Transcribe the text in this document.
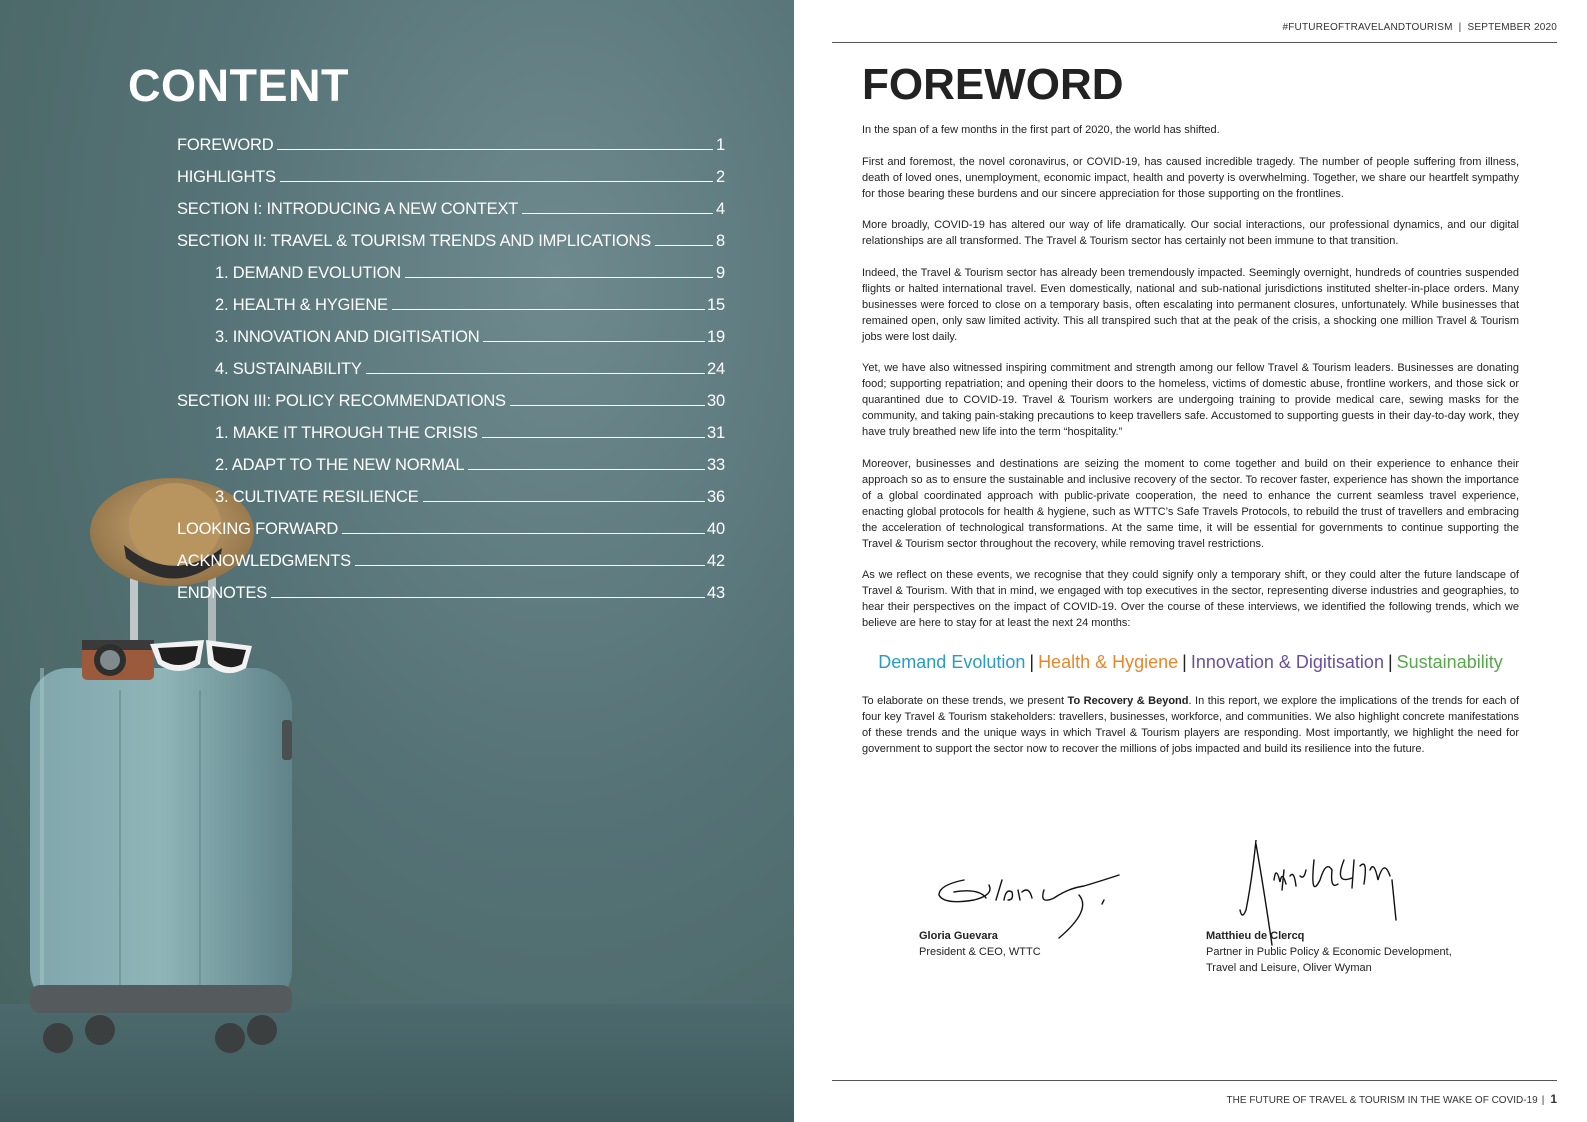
CONTENT
FOREWORD	1
HIGHLIGHTS	2
SECTION I: INTRODUCING A NEW CONTEXT	4
SECTION II: TRAVEL & TOURISM TRENDS AND IMPLICATIONS	8
1. DEMAND EVOLUTION	9
2. HEALTH & HYGIENE	15
3. INNOVATION AND DIGITISATION	19
4. SUSTAINABILITY	24
SECTION III: POLICY RECOMMENDATIONS	30
1. MAKE IT THROUGH THE CRISIS	31
2. ADAPT TO THE NEW NORMAL	33
3. CULTIVATE RESILIENCE	36
LOOKING FORWARD	40
ACKNOWLEDGMENTS	42
ENDNOTES	43
#FUTUREOFTRAVELANDTOURISM | SEPTEMBER 2020
FOREWORD

In the span of a few months in the first part of 2020, the world has shifted.

First and foremost, the novel coronavirus, or COVID-19, has caused incredible tragedy. The number of people suffering from illness, death of loved ones, unemployment, economic impact, health and poverty is overwhelming. Together, we share our heartfelt sympathy for those bearing these burdens and our sincere appreciation for those supporting on the frontlines.

More broadly, COVID-19 has altered our way of life dramatically. Our social interactions, our professional dynamics, and our digital relationships are all transformed. The Travel & Tourism sector has certainly not been immune to that transition.

Indeed, the Travel & Tourism sector has already been tremendously impacted. Seemingly overnight, hundreds of countries suspended flights or halted international travel. Even domestically, national and sub-national jurisdictions instituted shelter-in-place orders. Many businesses were forced to close on a temporary basis, often escalating into permanent closures, unfortunately. While businesses that remained open, only saw limited activity. This all transpired such that at the peak of the crisis, a shocking one million Travel & Tourism jobs were lost daily.

Yet, we have also witnessed inspiring commitment and strength among our fellow Travel & Tourism leaders. Businesses are donating food; supporting repatriation; and opening their doors to the homeless, victims of domestic abuse, frontline workers, and those sick or quarantined due to COVID-19. Travel & Tourism workers are undergoing training to provide medical care, sewing masks for the community, and taking pain-staking precautions to keep travellers safe. Accustomed to supporting guests in their day-to-day work, they have truly breathed new life into the term “hospitality.”

Moreover, businesses and destinations are seizing the moment to come together and build on their experience to enhance their approach so as to ensure the sustainable and inclusive recovery of the sector. To recover faster, experience has shown the importance of a global coordinated approach with public-private cooperation, the need to enhance the current seamless travel experience, enacting global protocols for health & hygiene, such as WTTC’s Safe Travels Protocols, to rebuild the trust of travellers and embracing the acceleration of technological transformations. At the same time, it will be essential for governments to continue supporting the Travel & Tourism sector throughout the recovery, while removing travel restrictions.

As we reflect on these events, we recognise that they could signify only a temporary shift, or they could alter the future landscape of Travel & Tourism. With that in mind, we engaged with top executives in the sector, representing diverse industries and geographies, to hear their perspectives on the impact of COVID-19. Over the course of these interviews, we identified the following trends, which we believe are here to stay for at least the next 24 months:

Demand Evolution | Health & Hygiene | Innovation & Digitisation | Sustainability
To elaborate on these trends, we present To Recovery & Beyond. In this report, we explore the implications of the trends for each of four key Travel & Tourism stakeholders: travellers, businesses, workforce, and communities. We also highlight concrete manifestations of these trends and the unique ways in which Travel & Tourism players are responding. Most importantly, we highlight the need for government to support the sector now to recover the millions of jobs impacted and build its resilience into the future.
Gloria Guevara
President & CEO, WTTC
Matthieu de Clercq
Partner in Public Policy & Economic Development,
Travel and Leisure, Oliver Wyman
THE FUTURE OF TRAVEL & TOURISM IN THE WAKE OF COVID-19 | 1
